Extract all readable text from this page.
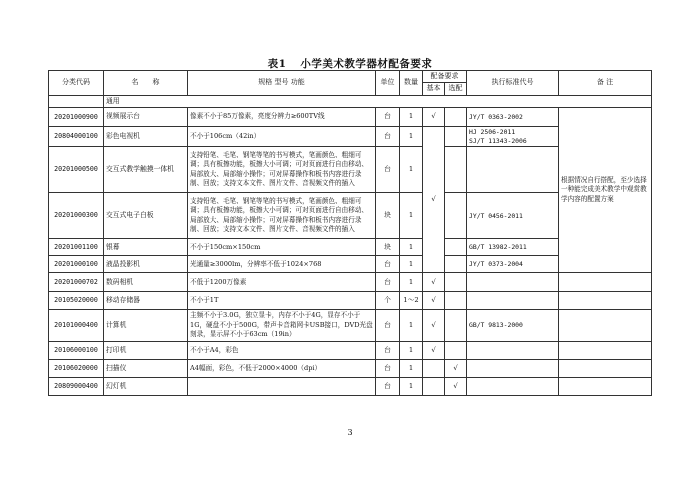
表1 小学美术教学器材配备要求
分类代码	名　　称	规格 型号 功能	单位	数量	配备要求		执行标准代号	备 注
					基本	选配		
	通用							
20201000900	视频展示台	像素不小于85万像素，亮度分辨力≥600TV线	台	1	√		JY/T 0363-2002	根据情况自行搭配，至少选择一种能完成美术教学中观赏教学内容的配置方案
20804000100	彩色电视机	不小于106cm（42in）	台	1	√		HJ 2506-2011
SJ/T 11343-2006	
20201000500	交互式教学触摸一体机	支持铅笔、毛笔、钢笔等笔的书写模式，笔画颜色、粗细可调；具有板擦功能，板擦大小可调；可对页面进行自由移动、局部放大、局部缩小操作；可对屏幕操作和板书内容进行录制、回放；支持文本文件、图片文件、音视频文件的插入	台	1				
20201000300	交互式电子白板	支持铅笔、毛笔、钢笔等笔的书写模式，笔画颜色、粗细可调；具有板擦功能，板擦大小可调；可对页面进行自由移动、局部放大、局部缩小操作；可对屏幕操作和板书内容进行录制、回放；支持文本文件、图片文件、音视频文件的插入	块	1			JY/T 0456-2011	
20201001100	银幕	不小于150cm×150cm	块	1			GB/T 13982-2011	
20201000100	液晶投影机	光通量≥3000lm，分辨率不低于1024×768	台	1			JY/T 0373-2004	
20201000702	数码相机	不低于1200万像素	台	1	√			
20105020000	移动存储器	不小于1T	个	1～2	√			
20101000400	计算机	主频不小于3.0G，独立显卡，内存不小于4G，显存不小于1G，硬盘不小于500G，带声卡音箱网卡USB接口，DVD光盘刻录，显示屏不小于63cm（19in）	台	1	√		GB/T 9813-2000	
20106000100	打印机	不小于A4，彩色	台	1	√			
20106020000	扫描仪	A4幅面，彩色，不低于2000×4000（dpi）	台	1		√		
20809000400	幻灯机		台	1		√		
3
